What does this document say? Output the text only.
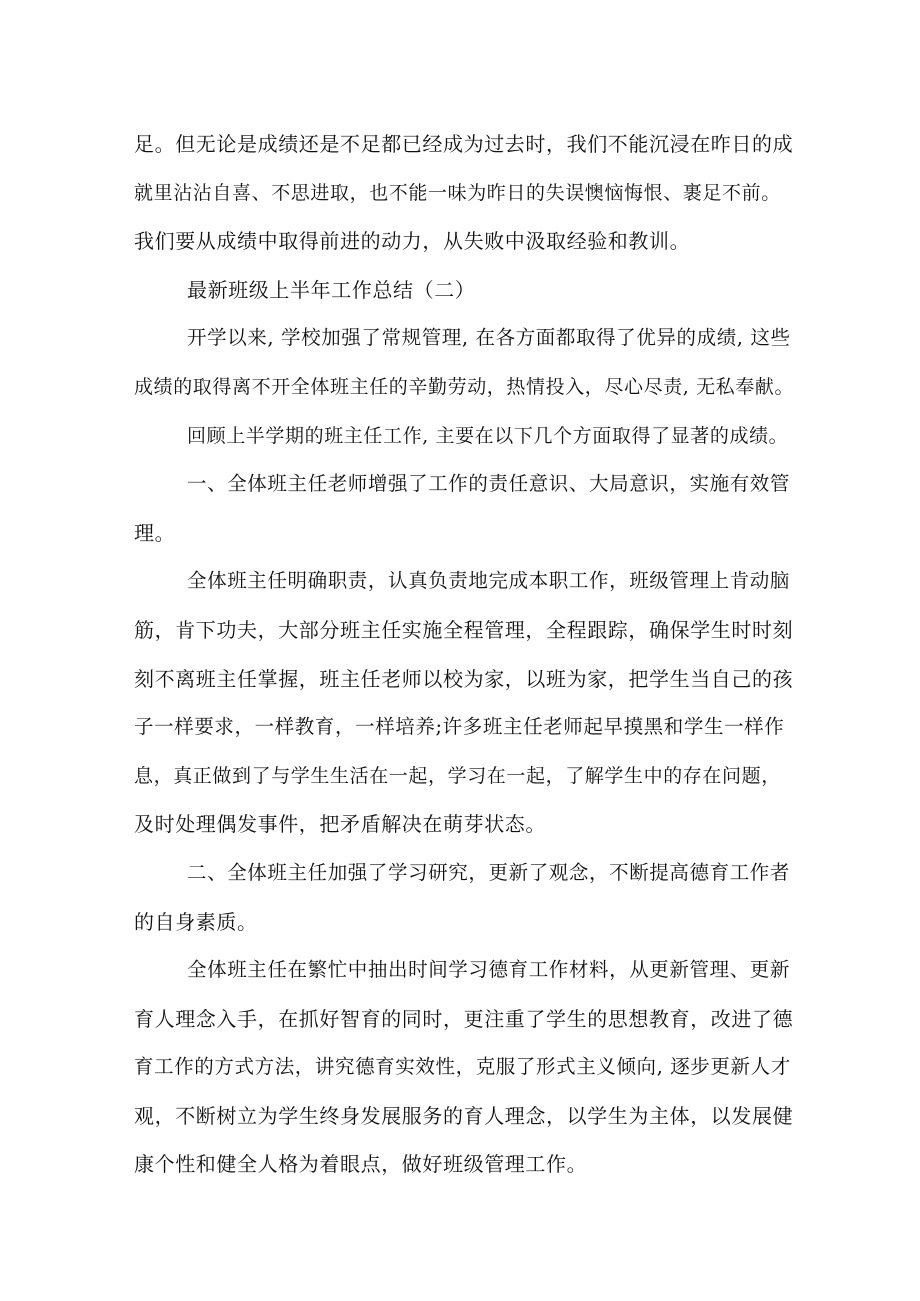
足。但无论是成绩还是不足都已经成为过去时，我们不能沉浸在昨日的成
就里沾沾自喜、不思进取，也不能一味为昨日的失误懊恼悔恨、裹足不前。
我们要从成绩中取得前进的动力，从失败中汲取经验和教训。
最新班级上半年工作总结（二）
开学以来, 学校加强了常规管理, 在各方面都取得了优异的成绩, 这些
成绩的取得离不开全体班主任的辛勤劳动，热情投入，尽心尽责, 无私奉献。
回顾上半学期的班主任工作, 主要在以下几个方面取得了显著的成绩。
一、全体班主任老师增强了工作的责任意识、大局意识，实施有效管
理。
全体班主任明确职责，认真负责地完成本职工作，班级管理上肯动脑
筋，肯下功夫，大部分班主任实施全程管理，全程跟踪，确保学生时时刻
刻不离班主任掌握，班主任老师以校为家，以班为家，把学生当自己的孩
子一样要求，一样教育，一样培养;许多班主任老师起早摸黑和学生一样作
息，真正做到了与学生生活在一起，学习在一起，了解学生中的存在问题，
及时处理偶发事件，把矛盾解决在萌芽状态。
二、全体班主任加强了学习研究，更新了观念，不断提高德育工作者
的自身素质。
全体班主任在繁忙中抽出时间学习德育工作材料，从更新管理、更新
育人理念入手，在抓好智育的同时，更注重了学生的思想教育，改进了德
育工作的方式方法，讲究德育实效性，克服了形式主义倾向, 逐步更新人才
观，不断树立为学生终身发展服务的育人理念，以学生为主体，以发展健
康个性和健全人格为着眼点，做好班级管理工作。
